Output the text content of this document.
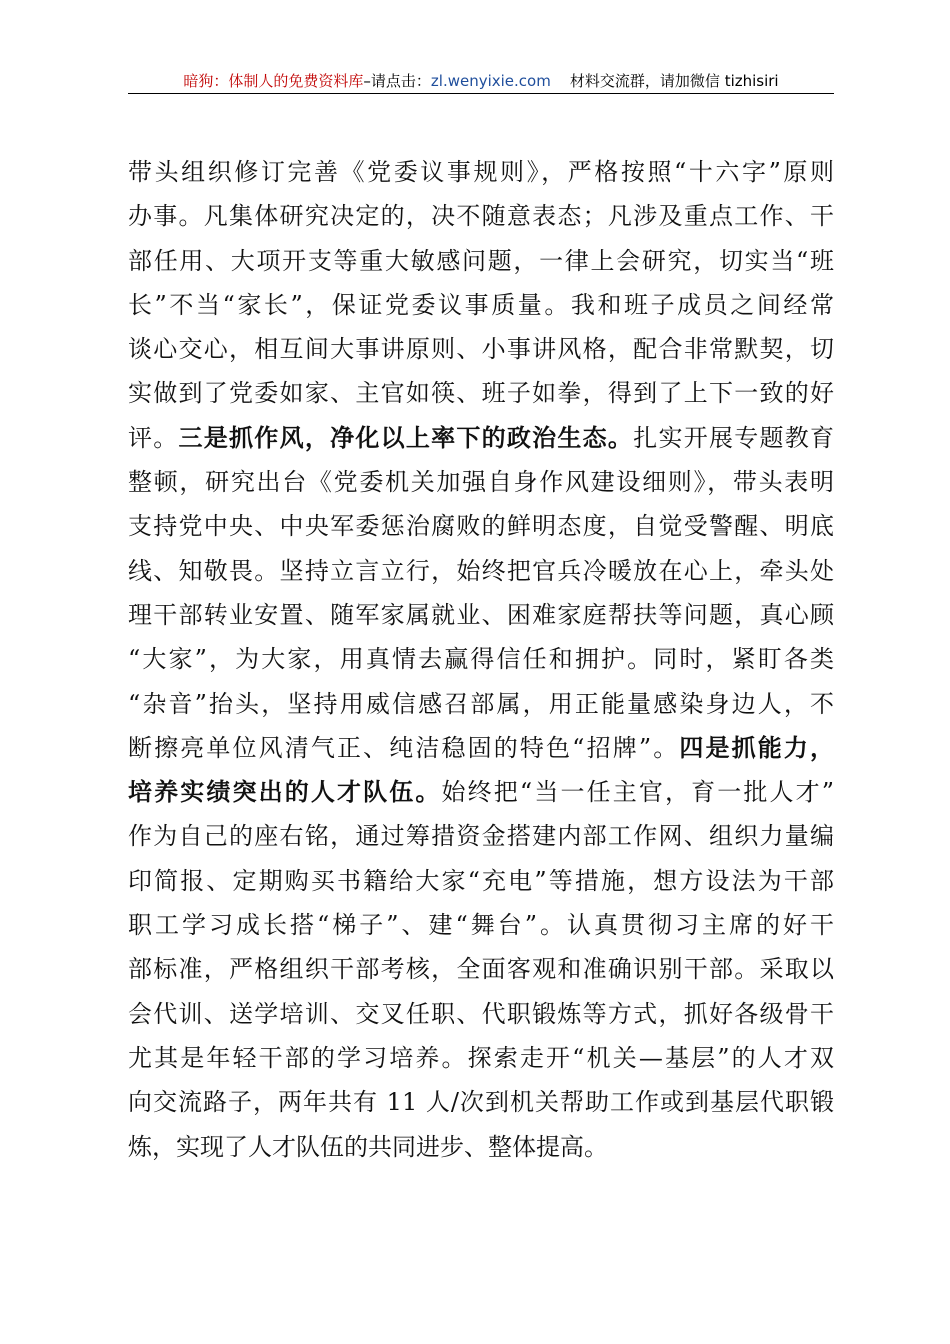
暗狗：体制人的免费资料库–请点击：zl.wenyixie.com 材料交流群，请加微信 tizhisiri
带头组织修订完善《党委议事规则》，严格按照“十六字”原则
办事。凡集体研究决定的，决不随意表态；凡涉及重点工作、干
部任用、大项开支等重大敏感问题，一律上会研究，切实当“班
长”不当“家长”，保证党委议事质量。我和班子成员之间经常
谈心交心，相互间大事讲原则、小事讲风格，配合非常默契，切
实做到了党委如家、主官如筷、班子如拳，得到了上下一致的好
评。三是抓作风，净化以上率下的政治生态。扎实开展专题教育
整顿，研究出台《党委机关加强自身作风建设细则》，带头表明
支持党中央、中央军委惩治腐败的鲜明态度，自觉受警醒、明底
线、知敬畏。坚持立言立行，始终把官兵冷暖放在心上，牵头处
理干部转业安置、随军家属就业、困难家庭帮扶等问题，真心顾
“大家”，为大家，用真情去赢得信任和拥护。同时，紧盯各类
“杂音”抬头，坚持用威信感召部属，用正能量感染身边人，不
断擦亮单位风清气正、纯洁稳固的特色“招牌”。四是抓能力，
培养实绩突出的人才队伍。始终把“当一任主官，育一批人才”
作为自己的座右铭，通过筹措资金搭建内部工作网、组织力量编
印简报、定期购买书籍给大家“充电”等措施，想方设法为干部
职工学习成长搭“梯子”、建“舞台”。认真贯彻习主席的好干
部标准，严格组织干部考核，全面客观和准确识别干部。采取以
会代训、送学培训、交叉任职、代职锻炼等方式，抓好各级骨干
尤其是年轻干部的学习培养。探索走开“机关—基层”的人才双
向交流路子，两年共有 11 人/次到机关帮助工作或到基层代职锻
炼，实现了人才队伍的共同进步、整体提高。
